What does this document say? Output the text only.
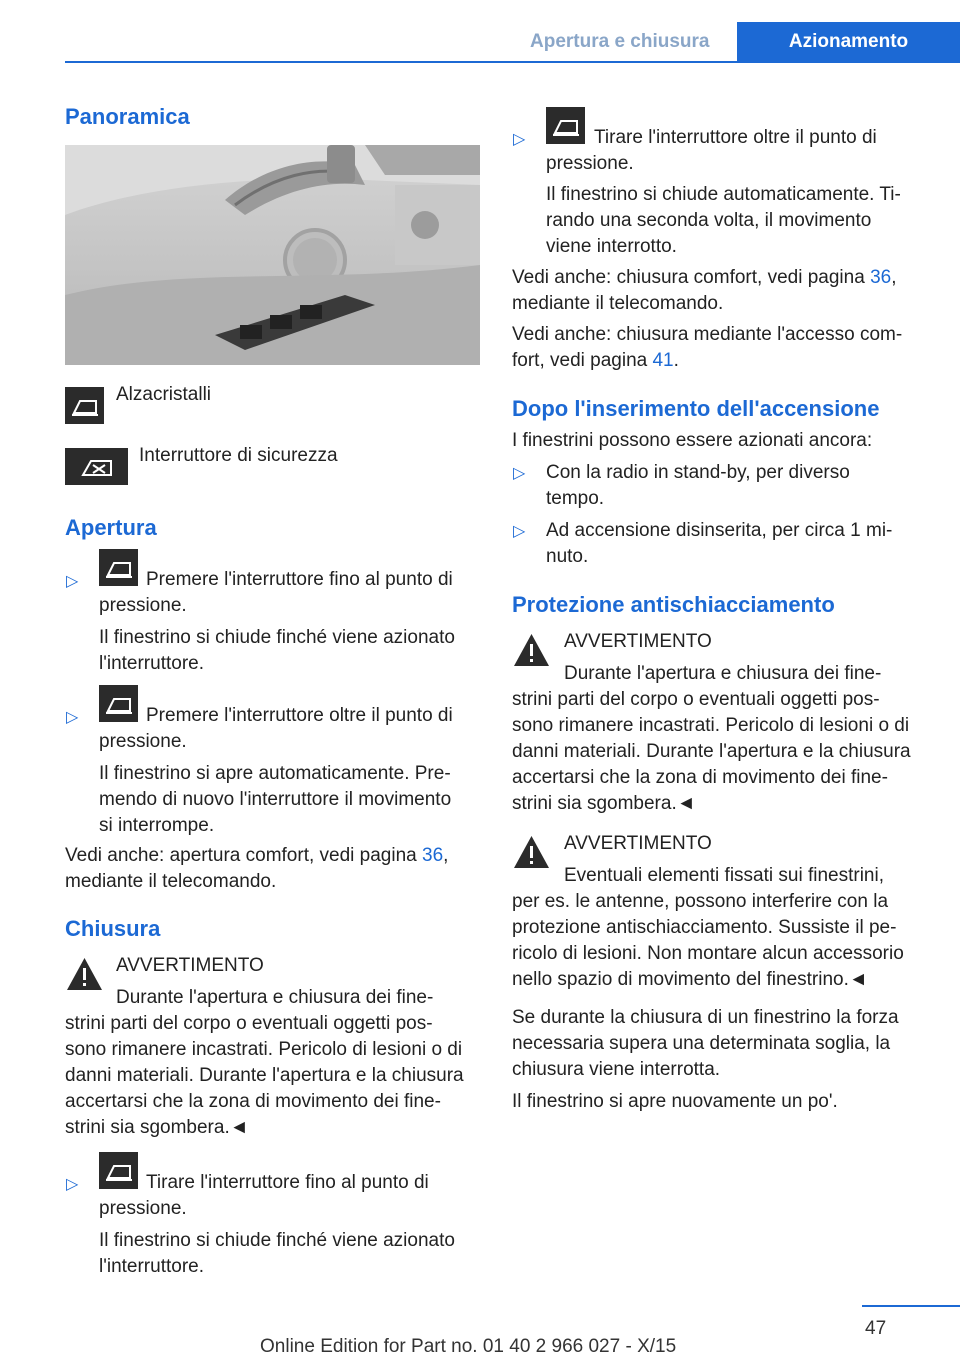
Apertura e chiusura	Azionamento
Panoramica
Alzacristalli
Interruttore di sicurezza
Apertura
▷	Premere l'interruttore fino al punto di
pressione.
Il finestrino si chiude finché viene azionato
l'interruttore.
▷	Premere l'interruttore oltre il punto di
pressione.
Il finestrino si apre automaticamente. Pre-
mendo di nuovo l'interruttore il movimento
si interrompe.
Vedi anche: apertura comfort, vedi pagina 36,
mediante il telecomando.
Chiusura
AVVERTIMENTO
Durante l'apertura e chiusura dei fine-
strini parti del corpo o eventuali oggetti pos-
sono rimanere incastrati. Pericolo di lesioni o di
danni materiali. Durante l'apertura e la chiusura
accertarsi che la zona di movimento dei fine-
strini sia sgombera.◄
▷	Tirare l'interruttore fino al punto di
pressione.
Il finestrino si chiude finché viene azionato
l'interruttore.
▷	Tirare l'interruttore oltre il punto di
pressione.
Il finestrino si chiude automaticamente. Ti-
rando una seconda volta, il movimento
viene interrotto.
Vedi anche: chiusura comfort, vedi pagina 36,
mediante il telecomando.
Vedi anche: chiusura mediante l'accesso com-
fort, vedi pagina 41.
Dopo l'inserimento dell'accensione
I finestrini possono essere azionati ancora:
▷ Con la radio in stand-by, per diverso
tempo.
▷ Ad accensione disinserita, per circa 1 mi-
nuto.
Protezione antischiacciamento
AVVERTIMENTO
Durante l'apertura e chiusura dei fine-
strini parti del corpo o eventuali oggetti pos-
sono rimanere incastrati. Pericolo di lesioni o di
danni materiali. Durante l'apertura e la chiusura
accertarsi che la zona di movimento dei fine-
strini sia sgombera.◄
AVVERTIMENTO
Eventuali elementi fissati sui finestrini,
per es. le antenne, possono interferire con la
protezione antischiacciamento. Sussiste il pe-
ricolo di lesioni. Non montare alcun accessorio
nello spazio di movimento del finestrino.◄
Se durante la chiusura di un finestrino la forza
necessaria supera una determinata soglia, la
chiusura viene interrotta.
Il finestrino si apre nuovamente un po'.
47
Online Edition for Part no. 01 40 2 966 027 - X/15
